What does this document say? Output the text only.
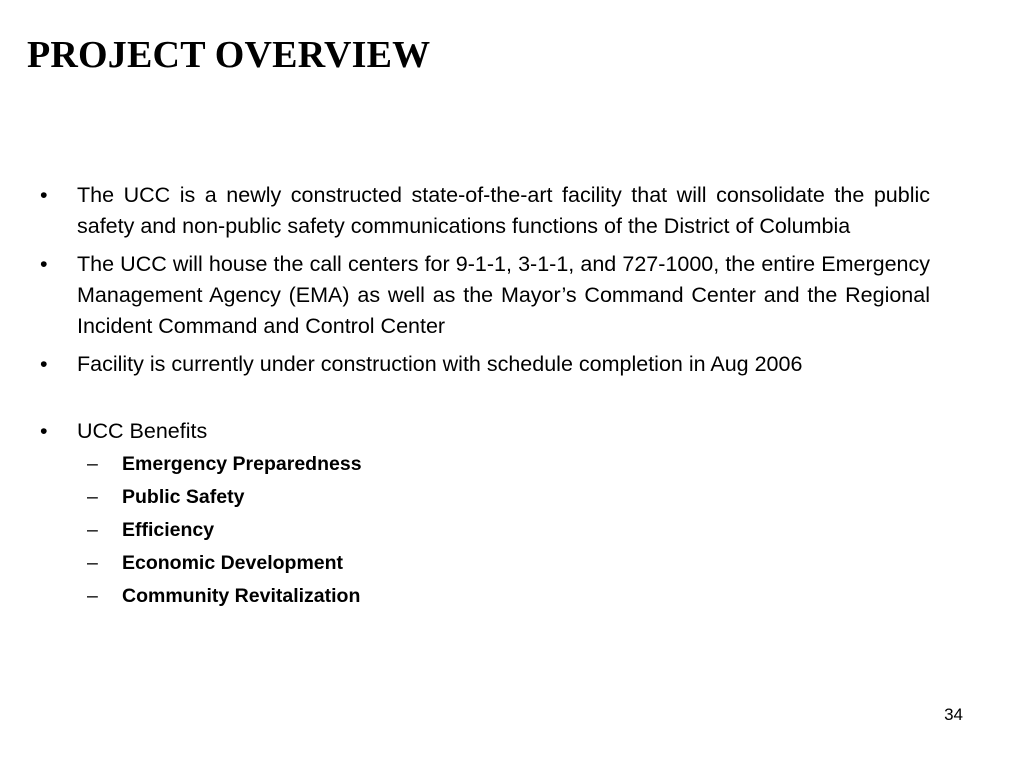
PROJECT OVERVIEW
• The UCC is a newly constructed state-of-the-art facility that will consolidate the public safety and non-public safety communications functions of the District of Columbia
• The UCC will house the call centers for 9-1-1, 3-1-1, and 727-1000, the entire Emergency Management Agency (EMA) as well as the Mayor’s Command Center and the Regional Incident Command and Control Center
• Facility is currently under construction with schedule completion in Aug 2006
• UCC Benefits
– Emergency Preparedness
– Public Safety
– Efficiency
– Economic Development
– Community Revitalization
34
